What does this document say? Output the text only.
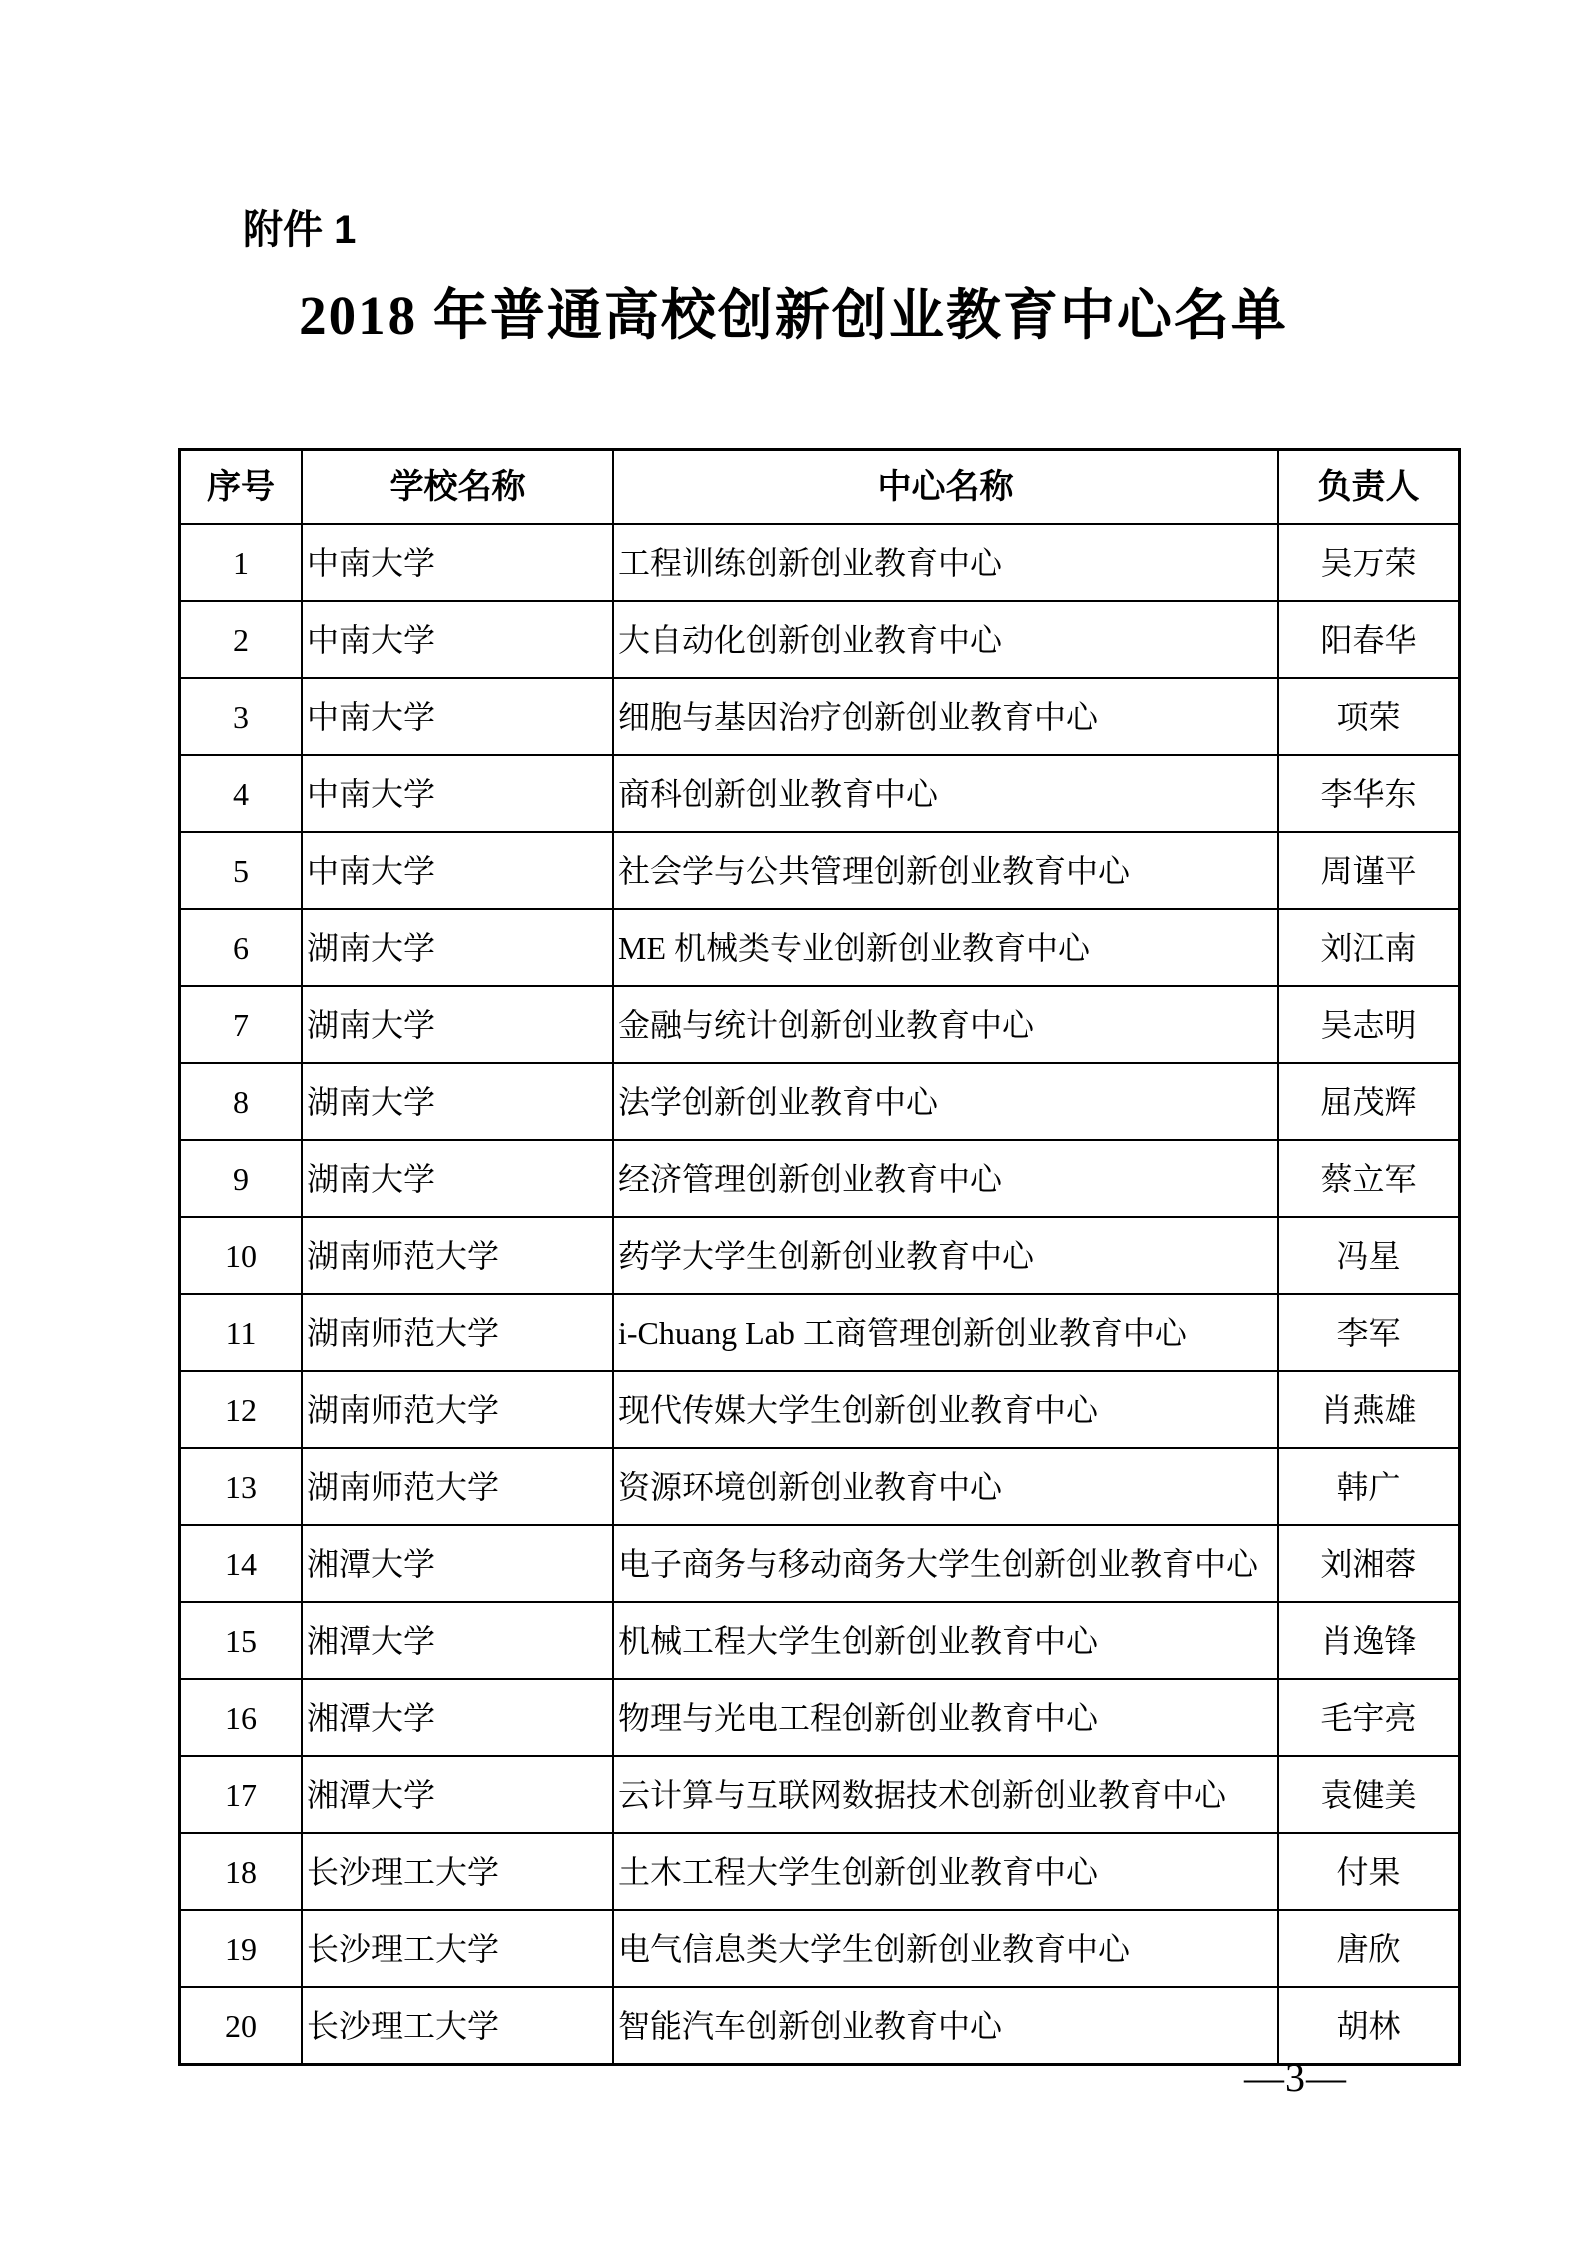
附件 1
2018 年普通高校创新创业教育中心名单
序号	学校名称	中心名称	负责人
1	中南大学	工程训练创新创业教育中心	吴万荣
2	中南大学	大自动化创新创业教育中心	阳春华
3	中南大学	细胞与基因治疗创新创业教育中心	项荣
4	中南大学	商科创新创业教育中心	李华东
5	中南大学	社会学与公共管理创新创业教育中心	周谨平
6	湖南大学	ME 机械类专业创新创业教育中心	刘江南
7	湖南大学	金融与统计创新创业教育中心	吴志明
8	湖南大学	法学创新创业教育中心	屈茂辉
9	湖南大学	经济管理创新创业教育中心	蔡立军
10	湖南师范大学	药学大学生创新创业教育中心	冯星
11	湖南师范大学	i-Chuang Lab 工商管理创新创业教育中心	李军
12	湖南师范大学	现代传媒大学生创新创业教育中心	肖燕雄
13	湖南师范大学	资源环境创新创业教育中心	韩广
14	湘潭大学	电子商务与移动商务大学生创新创业教育中心	刘湘蓉
15	湘潭大学	机械工程大学生创新创业教育中心	肖逸锋
16	湘潭大学	物理与光电工程创新创业教育中心	毛宇亮
17	湘潭大学	云计算与互联网数据技术创新创业教育中心	袁健美
18	长沙理工大学	土木工程大学生创新创业教育中心	付果
19	长沙理工大学	电气信息类大学生创新创业教育中心	唐欣
20	长沙理工大学	智能汽车创新创业教育中心	胡林
—3—
